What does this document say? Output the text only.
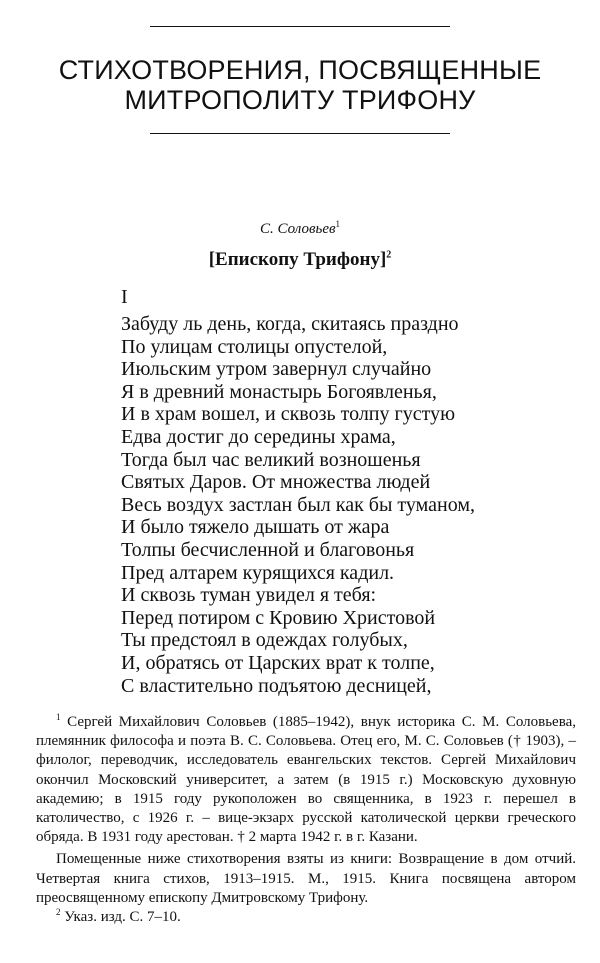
СТИХОТВОРЕНИЯ, ПОСВЯЩЕННЫЕ
МИТРОПОЛИТУ ТРИФОНУ
С. Соловьев$^1$
[Епископу Трифону]$^2$
I
Забуду ль день, когда, скитаясь праздно
По улицам столицы опустелой,
Июльским утром завернул случайно
Я в древний монастырь Богоявленья,
И в храм вошел, и сквозь толпу густую
Едва достиг до середины храма,
Тогда был час великий возношенья
Святых Даров. От множества людей
Весь воздух застлан был как бы туманом,
И было тяжело дышать от жара
Толпы бесчисленной и благовонья
Пред алтарем курящихся кадил.
И сквозь туман увидел я тебя:
Перед потиром с Кровию Христовой
Ты предстоял в одеждах голубых,
И, обратясь от Царских врат к толпе,
С властительно подъятою десницей,

$^1$ Сергей Михайлович Соловьев (1885–1942), внук историка С. М. Соловьева, племянник философа и поэта В. С. Соловьева. Отец его, М. С. Соловьев († 1903), – филолог, переводчик, исследователь евангельских текстов. Сергей Михайлович окончил Московский университет, а затем (в 1915 г.) Московскую духовную академию; в 1915 году рукоположен во священника, в 1923 г. перешел в католичество, с 1926 г. – вице-экзарх русской католической церкви греческого обряда. В 1931 году арестован. † 2 марта 1942 г. в г. Казани.

Помещенные ниже стихотворения взяты из книги: Возвращение в дом отчий. Четвертая книга стихов, 1913–1915. М., 1915. Книга посвящена автором преосвященному епископу Дмитровскому Трифону.

$^2$ Указ. изд. С. 7–10.
